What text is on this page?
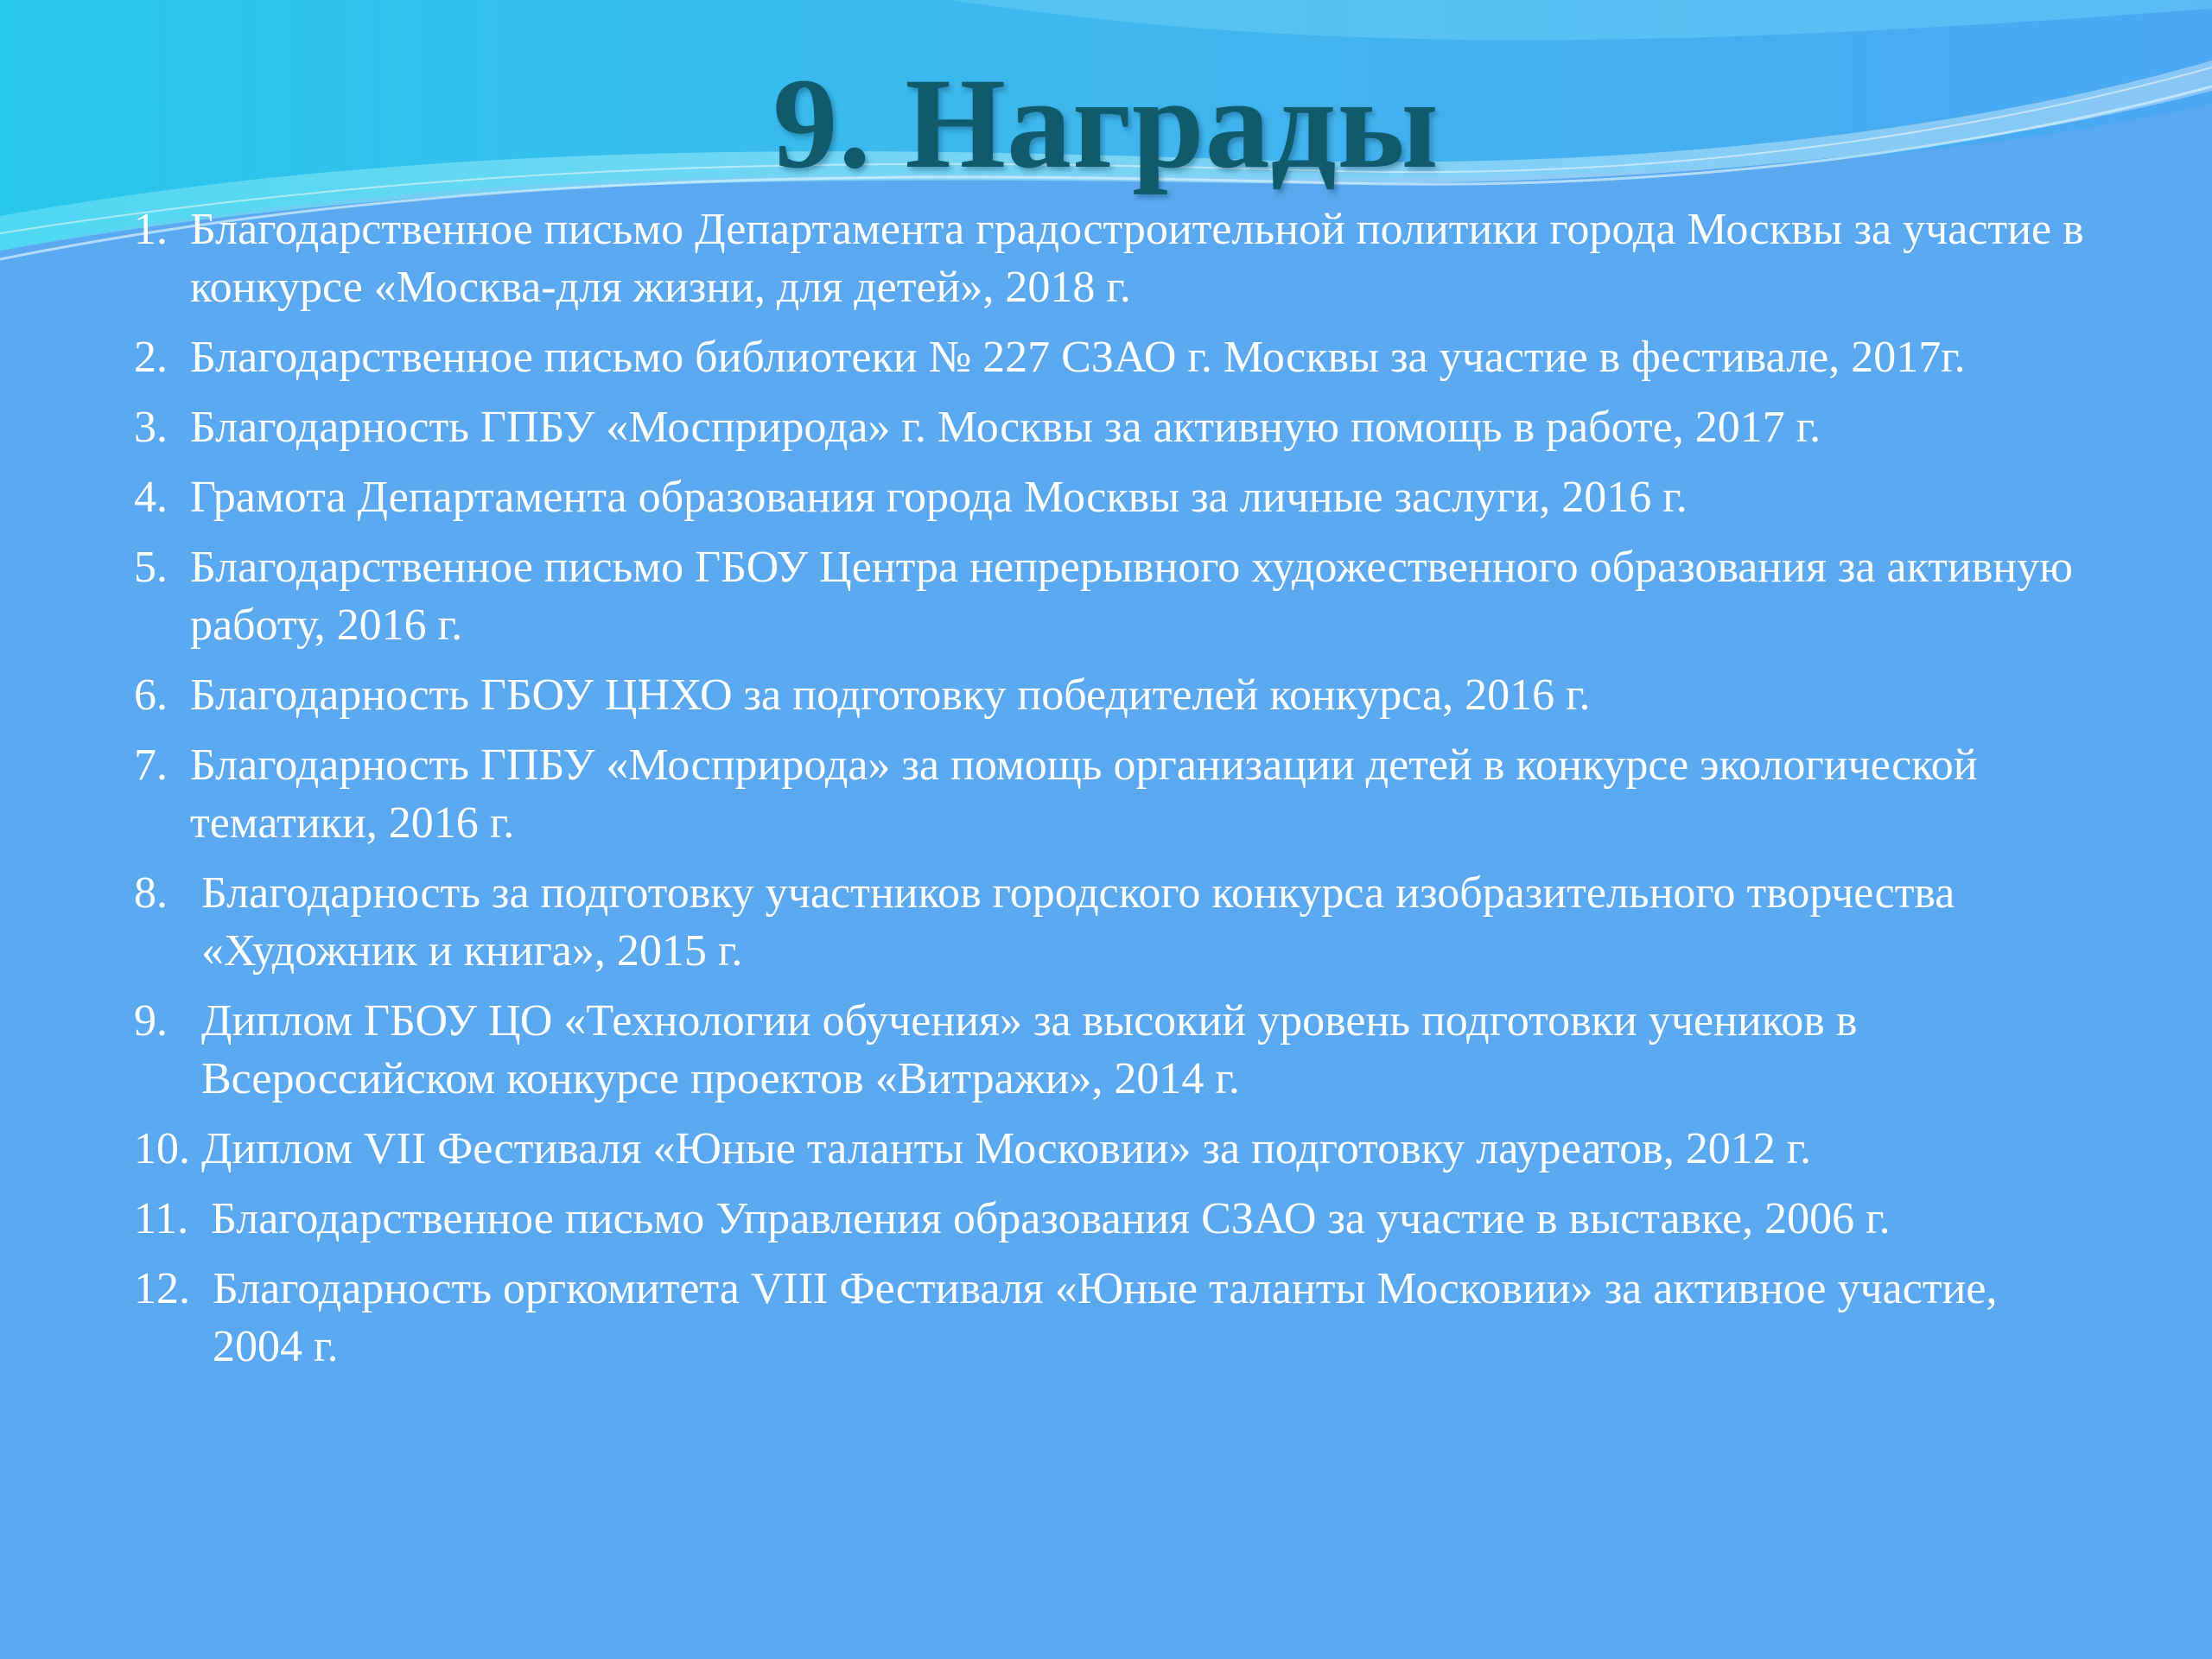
9. Награды
1. Благодарственное письмо Департамента градостроительной политики города Москвы за участие в конкурсе «Москва-для жизни, для детей», 2018 г.
2. Благодарственное письмо библиотеки № 227 СЗАО г. Москвы за участие в фестивале, 2017г.
3. Благодарность ГПБУ «Мосприрода» г. Москвы за активную помощь в работе, 2017 г.
4. Грамота Департамента образования города Москвы за личные заслуги, 2016 г.
5. Благодарственное письмо ГБОУ Центра непрерывного художественного образования за активную работу, 2016 г.
6. Благодарность ГБОУ ЦНХО за подготовку победителей конкурса, 2016 г.
7. Благодарность ГПБУ «Мосприрода» за помощь организации детей в конкурсе экологической тематики, 2016 г.
8. Благодарность за подготовку участников городского конкурса изобразительного творчества «Художник и книга», 2015 г.
9. Диплом ГБОУ ЦО «Технологии обучения» за высокий уровень подготовки учеников в Всероссийском конкурсе проектов «Витражи», 2014 г.
10. Диплом VII Фестиваля «Юные таланты Московии» за подготовку лауреатов, 2012 г.
11. Благодарственное письмо Управления образования СЗАО за участие в выставке, 2006 г.
12. Благодарность оргкомитета VIII Фестиваля «Юные таланты Московии» за активное участие, 2004 г.
